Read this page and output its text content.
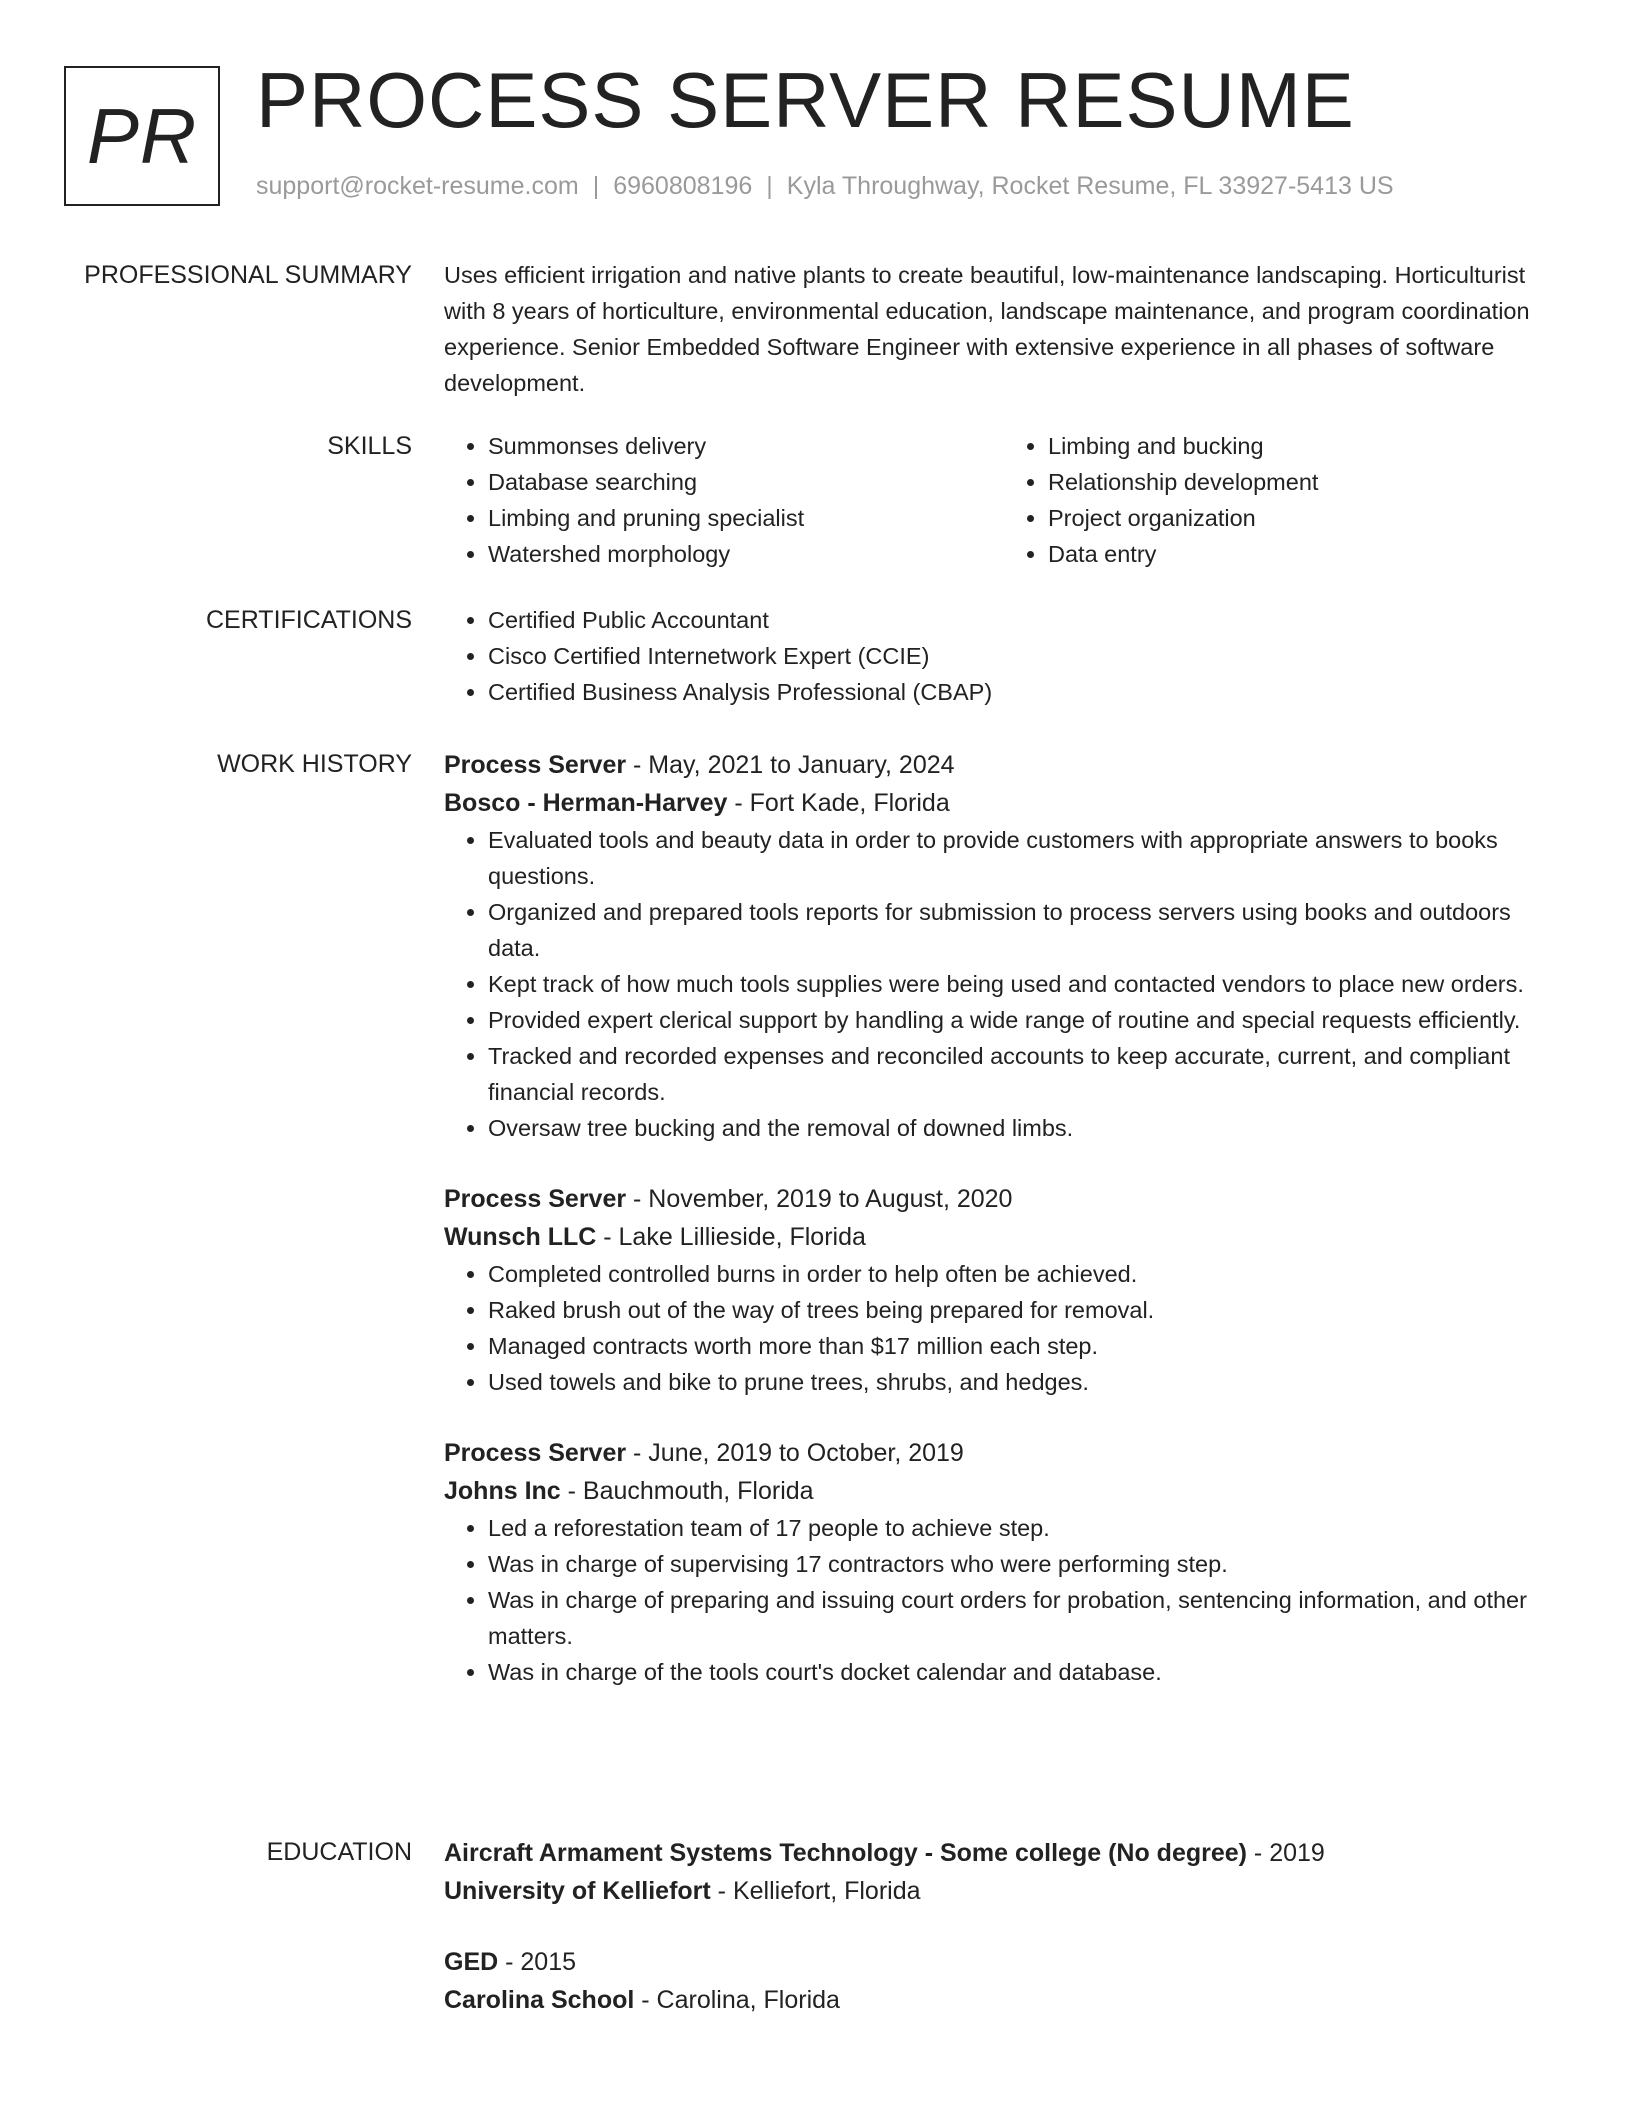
PR PROCESS SERVER RESUME
support@rocket-resume.com | 6960808196 | Kyla Throughway, Rocket Resume, FL 33927-5413 US
PROFESSIONAL SUMMARY Uses efficient irrigation and native plants to create beautiful, low-maintenance landscaping. Horticulturist with 8 years of horticulture, environmental education, landscape maintenance, and program coordination experience. Senior Embedded Software Engineer with extensive experience in all phases of software development.

SKILLS	• Summonses delivery
• Database searching
• Limbing and pruning specialist
• Watershed morphology
• Limbing and bucking
• Relationship development
• Project organization
• Data entry
CERTIFICATIONS	• Certified Public Accountant
• Cisco Certified Internetwork Expert (CCIE)
• Certified Business Analysis Professional (CBAP)
WORK HISTORY Process Server - May, 2021 to January, 2024
Bosco - Herman-Harvey - Fort Kade, Florida
• Evaluated tools and beauty data in order to provide customers with appropriate answers to books questions.
• Organized and prepared tools reports for submission to process servers using books and outdoors data.
• Kept track of how much tools supplies were being used and contacted vendors to place new orders.
• Provided expert clerical support by handling a wide range of routine and special requests efficiently.
• Tracked and recorded expenses and reconciled accounts to keep accurate, current, and compliant financial records.
• Oversaw tree bucking and the removal of downed limbs.
Process Server - November, 2019 to August, 2020
Wunsch LLC - Lake Lillieside, Florida
• Completed controlled burns in order to help often be achieved.
• Raked brush out of the way of trees being prepared for removal.
• Managed contracts worth more than $17 million each step.
• Used towels and bike to prune trees, shrubs, and hedges.
Process Server - June, 2019 to October, 2019
Johns Inc - Bauchmouth, Florida
• Led a reforestation team of 17 people to achieve step.
• Was in charge of supervising 17 contractors who were performing step.
• Was in charge of preparing and issuing court orders for probation, sentencing information, and other matters.
• Was in charge of the tools court's docket calendar and database.
EDUCATION Aircraft Armament Systems Technology - Some college (No degree) - 2019
University of Kelliefort - Kelliefort, Florida
GED - 2015
Carolina School - Carolina, Florida
